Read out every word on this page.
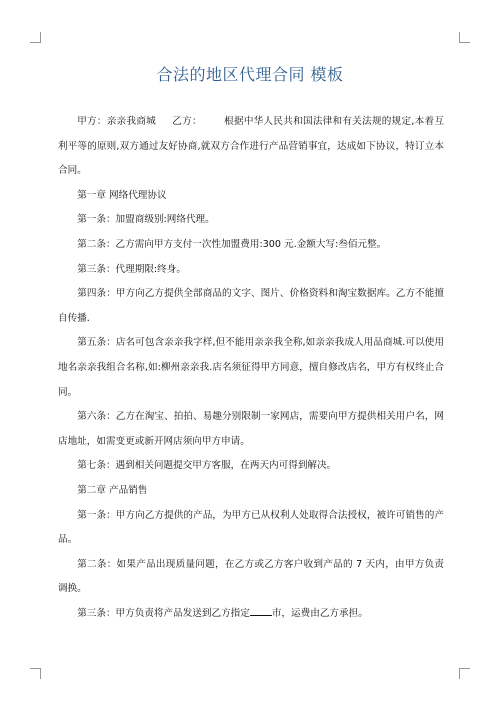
合法的地区代理合同 模板

甲方：亲亲我商城 乙方： 根据中华人民共和国法律和有关法规的规定,本着互利平等的原则,双方通过友好协商,就双方合作进行产品营销事宜，达成如下协议，特订立本合同。

第一章 网络代理协议

第一条：加盟商级别:网络代理。

第二条：乙方需向甲方支付一次性加盟费用:300 元.金额大写:叁佰元整。

第三条：代理期限:终身。

第四条：甲方向乙方提供全部商品的文字、图片、价格资料和淘宝数据库。乙方不能擅自传播.

第五条：店名可包含亲亲我字样,但不能用亲亲我全称,如亲亲我成人用品商城.可以使用地名亲亲我组合名称,如:柳州亲亲我.店名须征得甲方同意，擅自修改店名，甲方有权终止合同。

第六条：乙方在淘宝、拍拍、易趣分别限制一家网店，需要向甲方提供相关用户名，网店地址，如需变更或新开网店须向甲方申请。

第七条：遇到相关问题提交甲方客服，在两天内可得到解决。

第二章 产品销售

第一条：甲方向乙方提供的产品，为甲方已从权利人处取得合法授权，被许可销售的产品。

第二条：如果产品出现质量问题，在乙方或乙方客户收到产品的 7 天内，由甲方负责调换。

第三条：甲方负责将产品发送到乙方指定 市，运费由乙方承担。
